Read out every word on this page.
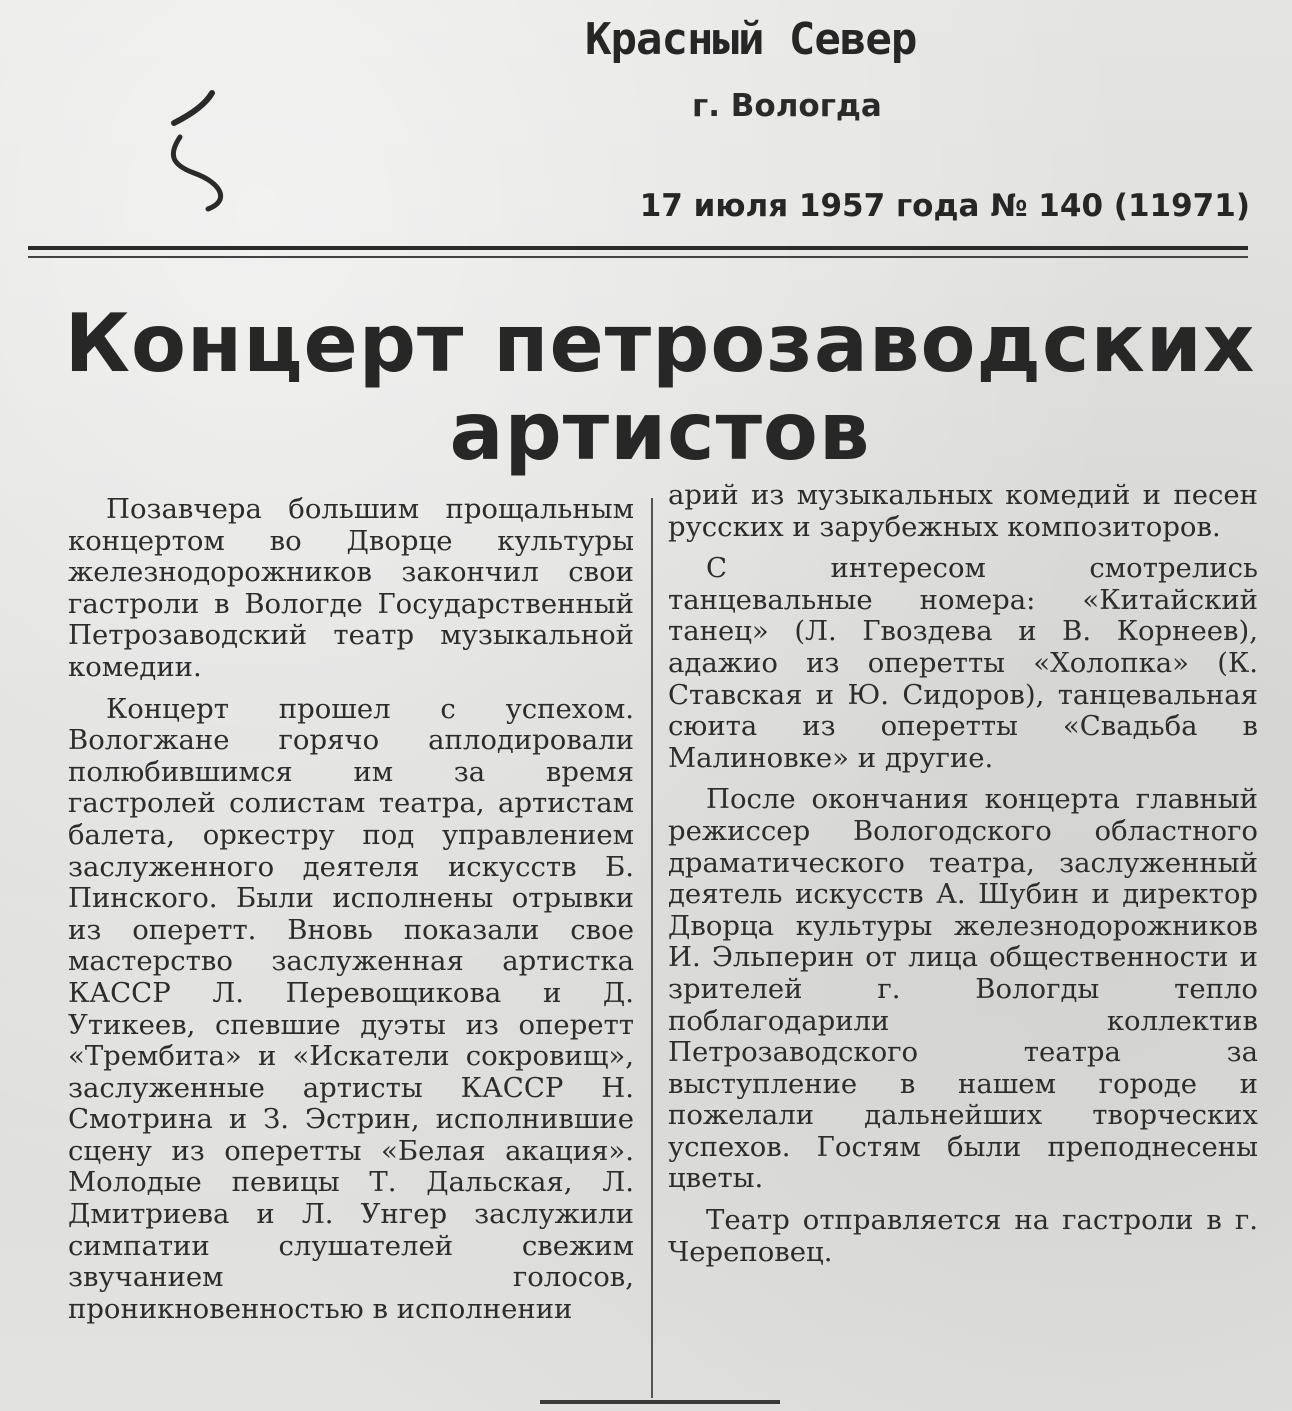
Красный Север
г. Вологда
17 июля 1957 года № 140 (11971)
Концерт петрозаводских
артистов

Позавчера большим прощальным концертом во Дворце культуры железнодорожников закончил свои гастроли в Вологде Государственный Петрозаводский театр музыкальной комедии.

Концерт прошел с успехом. Вологжане горячо аплодировали полюбившимся им за время гастролей солистам театра, артистам балета, оркестру под управлением заслуженного деятеля искусств Б. Пинского. Были исполнены отрывки из оперетт. Вновь показали свое мастерство заслуженная артистка КАССР Л. Перевощикова и Д. Утикеев, спевшие дуэты из оперетт «Трембита» и «Искатели сокровищ», заслуженные артисты КАССР Н. Смотрина и З. Эстрин, исполнившие сцену из оперетты «Белая акация». Молодые певицы Т. Дальская, Л. Дмитриева и Л. Унгер заслужили симпатии слушателей свежим звучанием голосов, проникновенностью в исполнении

арий из музыкальных комедий и песен русских и зарубежных композиторов.

С интересом смотрелись танцевальные номера: «Китайский танец» (Л. Гвоздева и В. Корнеев), адажио из оперетты «Холопка» (К. Ставская и Ю. Сидоров), танцевальная сюита из оперетты «Свадьба в Малиновке» и другие.

После окончания концерта главный режиссер Вологодского областного драматического театра, заслуженный деятель искусств А. Шубин и директор Дворца культуры железнодорожников И. Эльперин от лица общественности и зрителей г. Вологды тепло поблагодарили коллектив Петрозаводского театра за выступление в нашем городе и пожелали дальнейших творческих успехов. Гостям были преподнесены цветы.

Театр отправляется на гастроли в г. Череповец.
